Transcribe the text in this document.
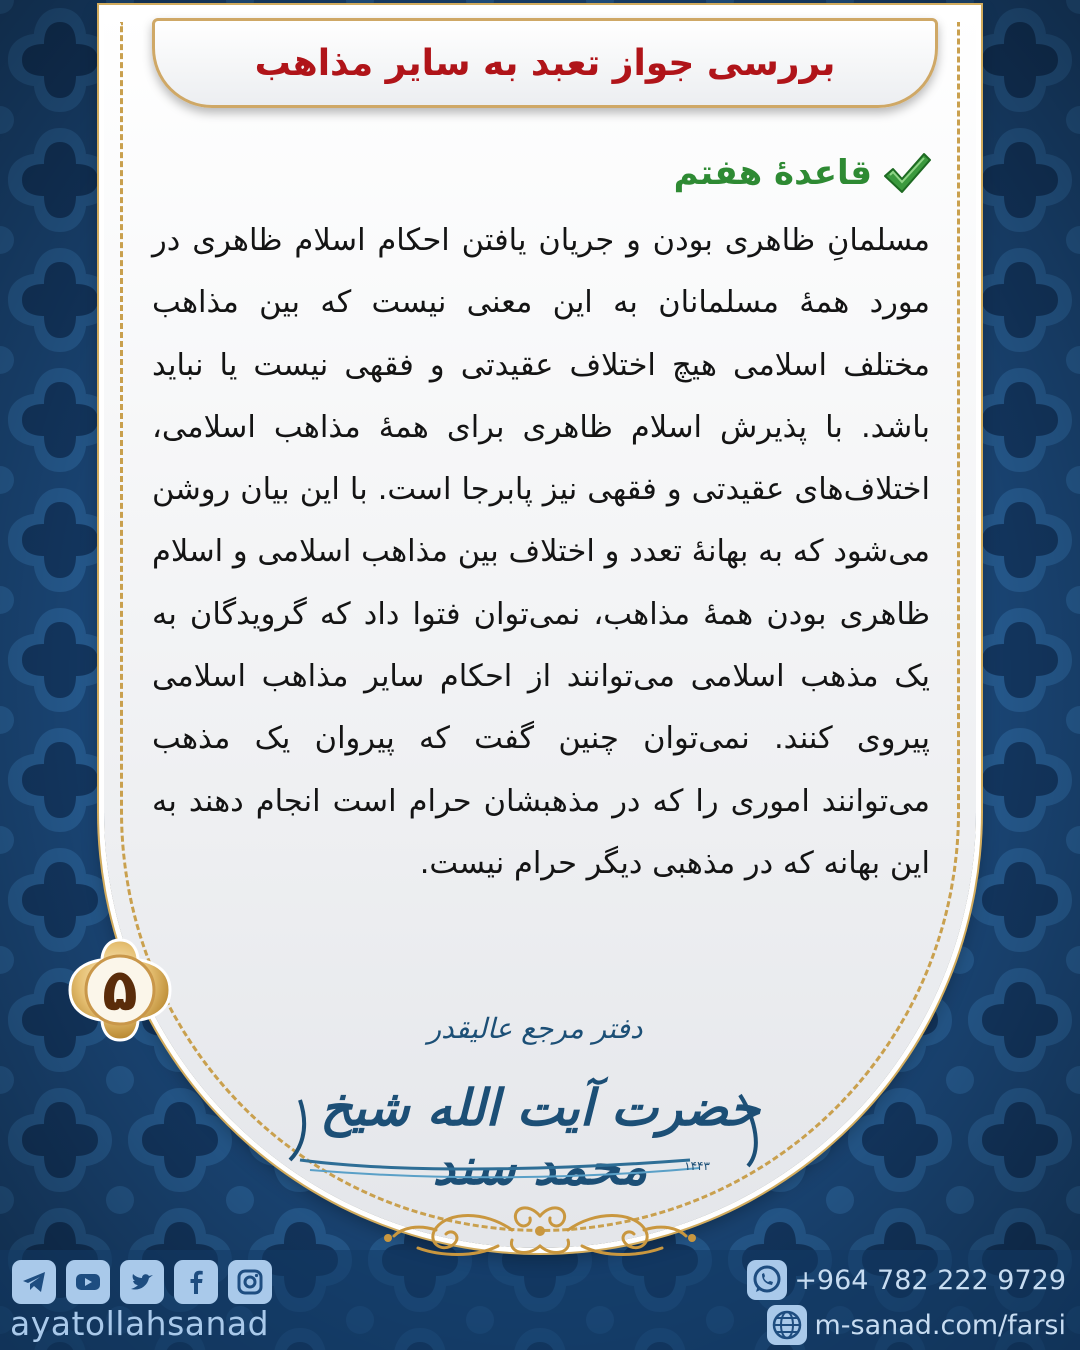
بررسی جواز تعبد به سایر مذاهب
قاعدۀ هفتم
مسلمانِ ظاهری بودن و جریان یافتن احکام اسلام ظاهری در مورد همۀ مسلمانان به این معنی نیست که بین مذاهب مختلف اسلامی هیچ اختلاف عقیدتی و فقهی نیست یا نباید باشد. با پذیرش اسلام ظاهری برای همۀ مذاهب اسلامی، اختلاف‌های عقیدتی و فقهی نیز پابرجا است. با این بیان روشن می‌شود که به بهانۀ تعدد و اختلاف بین مذاهب اسلامی و اسلام ظاهری بودن همۀ مذاهب، نمی‌توان فتوا داد که گرویدگان به یک مذهب اسلامی می‌توانند از احکام سایر مذاهب اسلامی پیروی کنند. نمی‌توان چنین گفت که پیروان یک مذهب می‌توانند اموری را که در مذهبشان حرام است انجام دهند به این بهانه که در مذهبی دیگر حرام نیست.
۵
دفتر مرجع عالیقدر
حضرت آیت الله شیخ محمد سند	۱۴۴۳
ayatollahsanad
+964 782 222 9729
m-sanad.com/farsi
